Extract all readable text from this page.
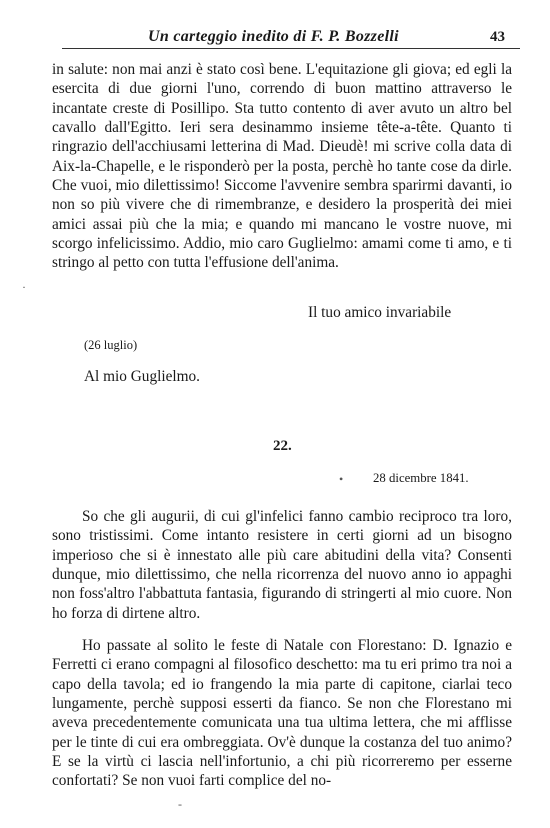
Un carteggio inedito di F. P. Bozzelli	43

in salute: non mai anzi è stato così bene. L'equitazione gli giova; ed egli la esercita di due giorni l'uno, correndo di buon mattino attraverso le incantate creste di Posillipo. Sta tutto contento di aver avuto un altro bel cavallo dall'Egitto. Ieri sera desinammo insieme tête-a-tête. Quanto ti ringrazio dell'acchiusami letterina di Mad. Dieudè! mi scrive colla data di Aix-la-Chapelle, e le risponderò per la posta, perchè ho tante cose da dirle. Che vuoi, mio dilettissimo! Siccome l'avvenire sembra sparirmi davanti, io non so più vivere che di rimembranze, e desidero la prosperità dei miei amici assai più che la mia; e quando mi mancano le vostre nuove, mi scorgo infelicissimo. Addio, mio caro Guglielmo: amami come ti amo, e ti stringo al petto con tutta l'effusione dell'anima.

·
Il tuo amico invariabile
(26 luglio)
Al mio Guglielmo.
22.
• 28 dicembre 1841.

So che gli augurii, di cui gl'infelici fanno cambio reciproco tra loro, sono tristissimi. Come intanto resistere in certi giorni ad un bisogno imperioso che si è innestato alle più care abitudini della vita? Consenti dunque, mio dilettissimo, che nella ricorrenza del nuovo anno io appaghi non foss'altro l'abbattuta fantasia, figurando di stringerti al mio cuore. Non ho forza di dirtene altro.

Ho passate al solito le feste di Natale con Florestano: D. Ignazio e Ferretti ci erano compagni al filosofico deschetto: ma tu eri primo tra noi a capo della tavola; ed io frangendo la mia parte di capitone, ciarlai teco lungamente, perchè supposi esserti da fianco. Se non che Florestano mi aveva precedentemente comunicata una tua ultima lettera, che mi afflisse per le tinte di cui era ombreggiata. Ov'è dunque la costanza del tuo animo? E se la virtù ci lascia nell'infortunio, a chi più ricorreremo per esserne confortati? Se non vuoi farti complice del no-

-
